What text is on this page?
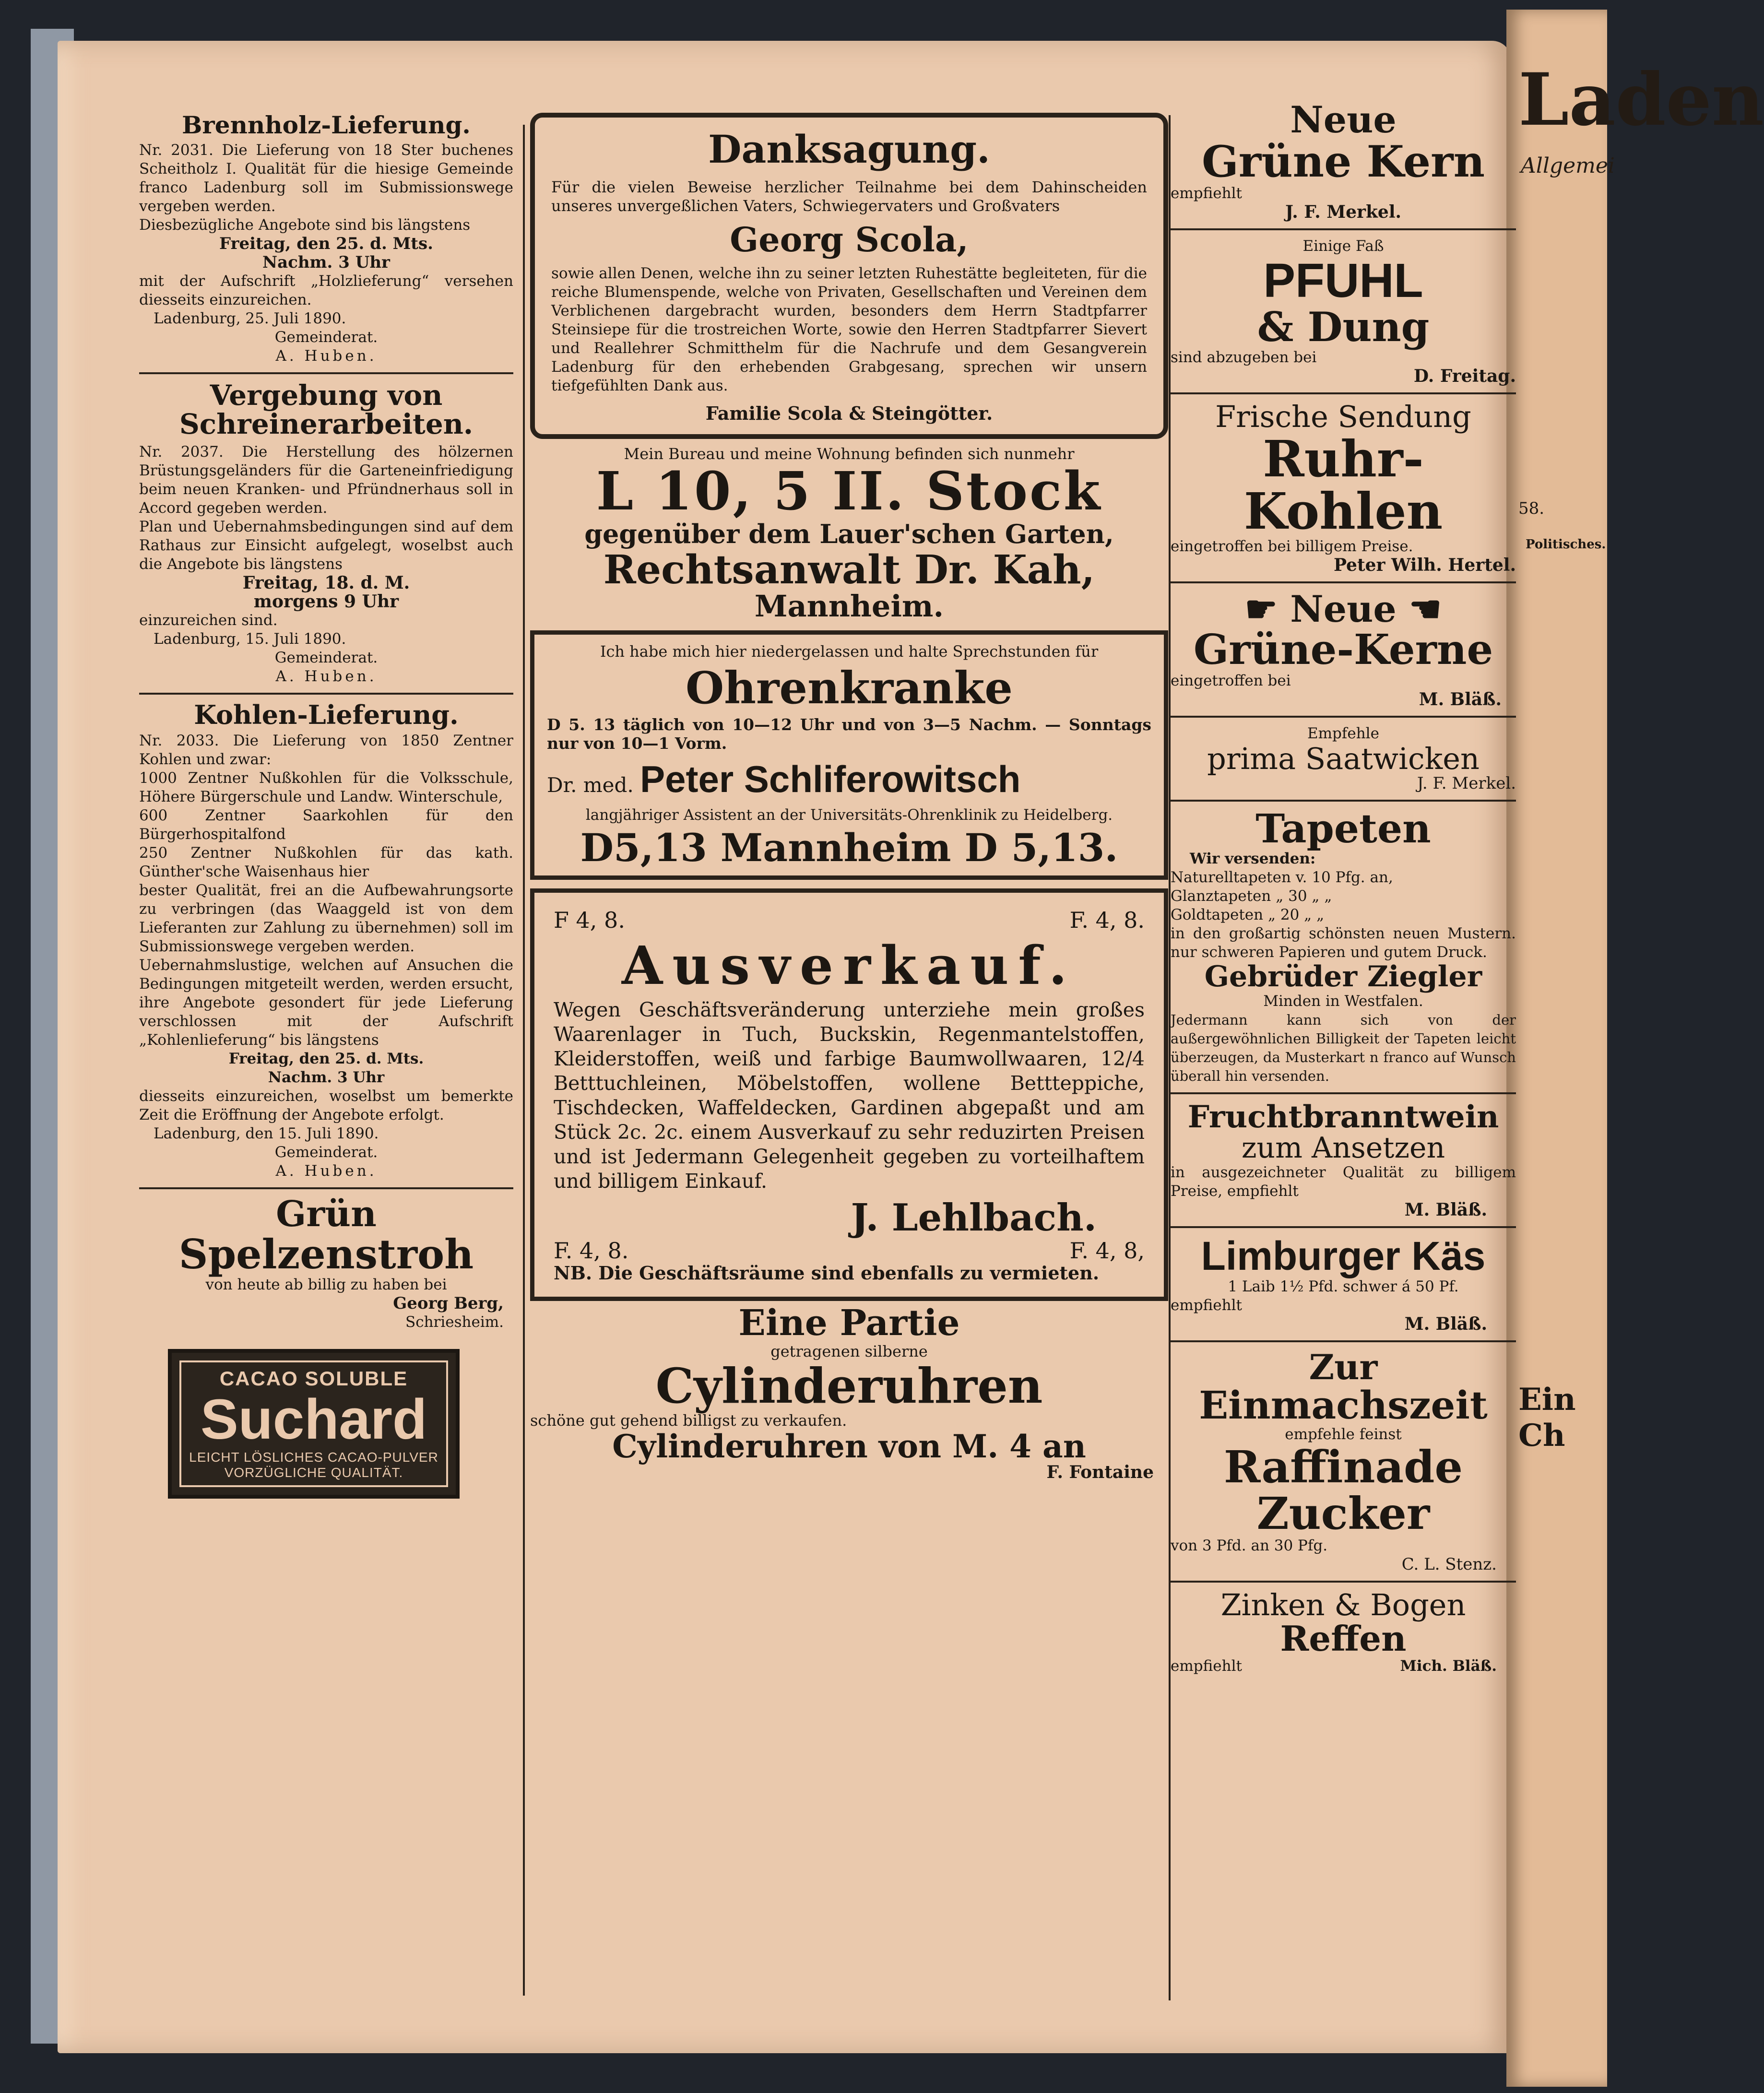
Laden
Allgemei
58.
Politisches.
Ein Ch
Brennholz-Lieferung.

Nr. 2031. Die Lieferung von 18 Ster buchenes Scheitholz I. Qualität für die hiesige Gemeinde franco Ladenburg soll im Submissionswege vergeben werden.

Diesbezügliche Angebote sind bis längstens

Freitag, den 25. d. Mts.

Nachm. 3 Uhr

mit der Aufschrift „Holzlieferung“ versehen diesseits einzureichen.

Ladenburg, 25. Juli 1890.

Gemeinderat.

A. Huben.

Vergebung von
Schreinerarbeiten.

Nr. 2037. Die Herstellung des hölzernen Brüstungsgeländers für die Garteneinfriedigung beim neuen Kranken- und Pfründnerhaus soll in Accord gegeben werden.

Plan und Uebernahmsbedingungen sind auf dem Rathaus zur Einsicht aufgelegt, woselbst auch die Angebote bis längstens

Freitag, 18. d. M.

morgens 9 Uhr

einzureichen sind.

Ladenburg, 15. Juli 1890.

Gemeinderat.

A. Huben.

Kohlen-Lieferung.

Nr. 2033. Die Lieferung von 1850 Zentner Kohlen und zwar:

1000 Zentner Nußkohlen für die Volksschule, Höhere Bürgerschule und Landw. Winterschule,

600 Zentner Saarkohlen für den Bürgerhospitalfond

250 Zentner Nußkohlen für das kath. Günther'sche Waisenhaus hier

bester Qualität, frei an die Aufbewahrungsorte zu verbringen (das Waaggeld ist von dem Lieferanten zur Zahlung zu übernehmen) soll im Submissionswege vergeben werden.

Uebernahmslustige, welchen auf Ansuchen die Bedingungen mitgeteilt werden, werden ersucht, ihre Angebote gesondert für jede Lieferung verschlossen mit der Aufschrift „Kohlenlieferung“ bis längstens

Freitag, den 25. d. Mts.

Nachm. 3 Uhr

diesseits einzureichen, woselbst um bemerkte Zeit die Eröffnung der Angebote erfolgt.

Ladenburg, den 15. Juli 1890.

Gemeinderat.

A. Huben.

Grün
Spelzenstroh

von heute ab billig zu haben bei

Georg Berg,

Schriesheim.

CACAO SOLUBLE
Suchard
LEICHT LÖSLICHES CACAO-PULVER
VORZÜGLICHE QUALITÄT.
Danksagung.

Für die vielen Beweise herzlicher Teilnahme bei dem Dahinscheiden unseres unvergeßlichen Vaters, Schwiegervaters und Großvaters

Georg Scola,

sowie allen Denen, welche ihn zu seiner letzten Ruhestätte begleiteten, für die reiche Blumenspende, welche von Privaten, Gesellschaften und Vereinen dem Verblichenen dargebracht wurden, besonders dem Herrn Stadtpfarrer Steinsiepe für die trostreichen Worte, sowie den Herren Stadtpfarrer Sievert und Reallehrer Schmitthelm für die Nachrufe und dem Gesangverein Ladenburg für den erhebenden Grabgesang, sprechen wir unsern tiefgefühlten Dank aus.

Familie Scola & Steingötter.

Mein Bureau und meine Wohnung befinden sich nunmehr

L 10, 5 II. Stock

gegenüber dem Lauer'schen Garten,

Rechtsanwalt Dr. Kah,
Mannheim.

Ich habe mich hier niedergelassen und halte Sprechstunden für

Ohrenkranke

D 5. 13 täglich von 10—12 Uhr und von 3—5 Nachm. — Sonntags nur von 10—1 Vorm.

Dr. med. Peter Schliferowitsch

langjähriger Assistent an der Universitäts-Ohrenklinik zu Heidelberg.

D5,13 Mannheim D 5,13.
F 4, 8.	F. 4, 8.
Ausverkauf.

Wegen Geschäftsveränderung unterziehe mein großes Waarenlager in Tuch, Buckskin, Regenmantelstoffen, Kleiderstoffen, weiß und farbige Baumwollwaaren, 12/4 Betttuchleinen, Möbelstoffen, wollene Bettteppiche, Tischdecken, Waffeldecken, Gardinen abgepaßt und am Stück 2c. 2c. einem Ausverkauf zu sehr reduzirten Preisen und ist Jedermann Gelegenheit gegeben zu vorteilhaftem und billigem Einkauf.

J. Lehlbach.
F. 4, 8.	F. 4, 8,

NB. Die Geschäftsräume sind ebenfalls zu vermieten.

Eine Partie

getragenen silberne

Cylinderuhren

schöne gut gehend billigst zu verkaufen.

Cylinderuhren von M. 4 an

F. Fontaine

Neue
Grüne Kern

empfiehlt

J. F. Merkel.

Einige Faß

PFUHL
& Dung

sind abzugeben bei

D. Freitag.

Frische Sendung

Ruhr-Kohlen

eingetroffen bei billigem Preise.

Peter Wilh. Hertel.

☛ Neue ☛
Grüne-Kerne

eingetroffen bei

M. Bläß.

Empfehle

prima Saatwicken

J. F. Merkel.

Tapeten

Wir versenden:

Naturelltapeten v. 10 Pfg. an,

Glanztapeten „ 30 „ „

Goldtapeten „ 20 „ „

in den großartig schönsten neuen Mustern. nur schweren Papieren und gutem Druck.

Gebrüder Ziegler

Minden in Westfalen.

Jedermann kann sich von der außergewöhnlichen Billigkeit der Tapeten leicht überzeugen, da Musterkart n franco auf Wunsch überall hin versenden.

Fruchtbranntwein
zum Ansetzen

in ausgezeichneter Qualität zu billigem Preise, empfiehlt

M. Bläß.

Limburger Käs

1 Laib 1½ Pfd. schwer á 50 Pf.

empfiehlt

M. Bläß.

Zur
Einmachszeit

empfehle feinst

Raffinade Zucker

von 3 Pfd. an 30 Pfg.

C. L. Stenz.

Zinken & Bogen
Reffen
empfiehlt	Mich. Bläß.
